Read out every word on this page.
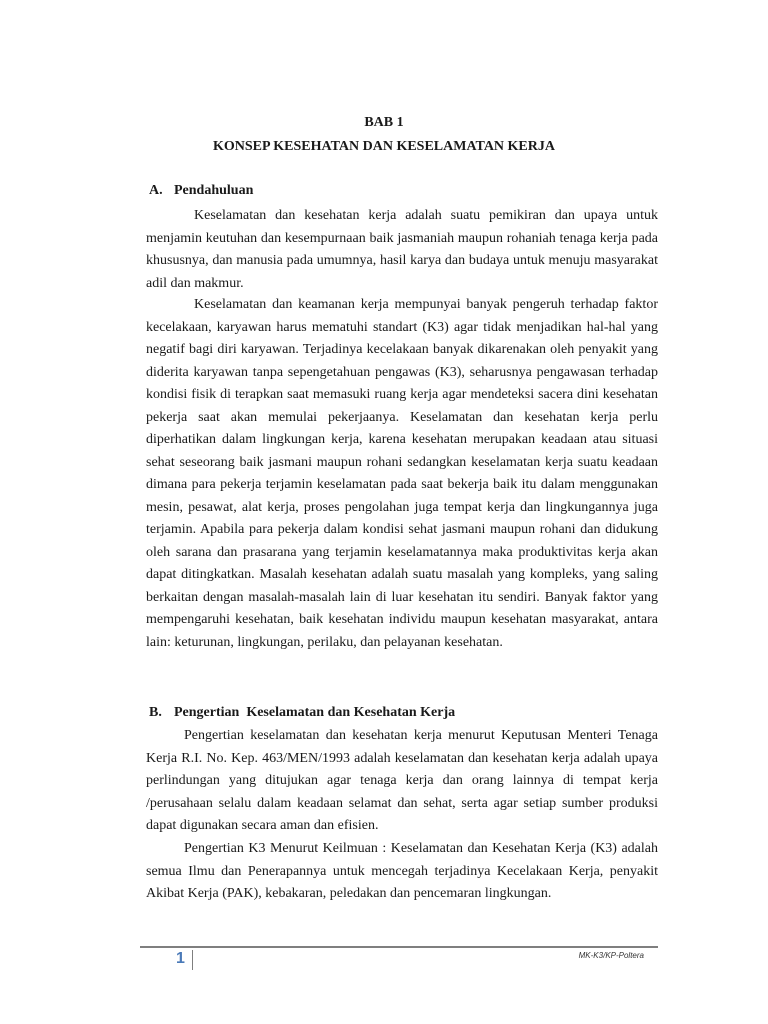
BAB 1
KONSEP KESEHATAN DAN KESELAMATAN KERJA
A. Pendahuluan

Keselamatan dan kesehatan kerja adalah suatu pemikiran dan upaya untuk menjamin keutuhan dan kesempurnaan baik jasmaniah maupun rohaniah tenaga kerja pada khususnya, dan manusia pada umumnya, hasil karya dan budaya untuk menuju masyarakat adil dan makmur.

Keselamatan dan keamanan kerja mempunyai banyak pengeruh terhadap faktor kecelakaan, karyawan harus mematuhi standart (K3) agar tidak menjadikan hal-hal yang negatif bagi diri karyawan. Terjadinya kecelakaan banyak dikarenakan oleh penyakit yang diderita karyawan tanpa sepengetahuan pengawas (K3), seharusnya pengawasan terhadap kondisi fisik di terapkan saat memasuki ruang kerja agar mendeteksi sacera dini kesehatan pekerja saat akan memulai pekerjaanya. Keselamatan dan kesehatan kerja perlu diperhatikan dalam lingkungan kerja, karena kesehatan merupakan keadaan atau situasi sehat seseorang baik jasmani maupun rohani sedangkan keselamatan kerja suatu keadaan dimana para pekerja terjamin keselamatan pada saat bekerja baik itu dalam menggunakan mesin, pesawat, alat kerja, proses pengolahan juga tempat kerja dan lingkungannya juga terjamin. Apabila para pekerja dalam kondisi sehat jasmani maupun rohani dan didukung oleh sarana dan prasarana yang terjamin keselamatannya maka produktivitas kerja akan dapat ditingkatkan. Masalah kesehatan adalah suatu masalah yang kompleks, yang saling berkaitan dengan masalah-masalah lain di luar kesehatan itu sendiri. Banyak faktor yang mempengaruhi kesehatan, baik kesehatan individu maupun kesehatan masyarakat, antara lain: keturunan, lingkungan, perilaku, dan pelayanan kesehatan.

B. Pengertian  Keselamatan dan Kesehatan Kerja

Pengertian keselamatan dan kesehatan kerja menurut Keputusan Menteri Tenaga Kerja R.I. No. Kep. 463/MEN/1993 adalah keselamatan dan kesehatan kerja adalah upaya perlindungan yang ditujukan agar tenaga kerja dan orang lainnya di tempat kerja /perusahaan selalu dalam keadaan selamat dan sehat, serta agar setiap sumber produksi dapat digunakan secara aman dan efisien.

Pengertian K3 Menurut Keilmuan : Keselamatan dan Kesehatan Kerja (K3) adalah semua Ilmu dan Penerapannya untuk mencegah terjadinya Kecelakaan Kerja, penyakit Akibat Kerja (PAK), kebakaran, peledakan dan pencemaran lingkungan.

1	MK-K3/KP-Poltera
